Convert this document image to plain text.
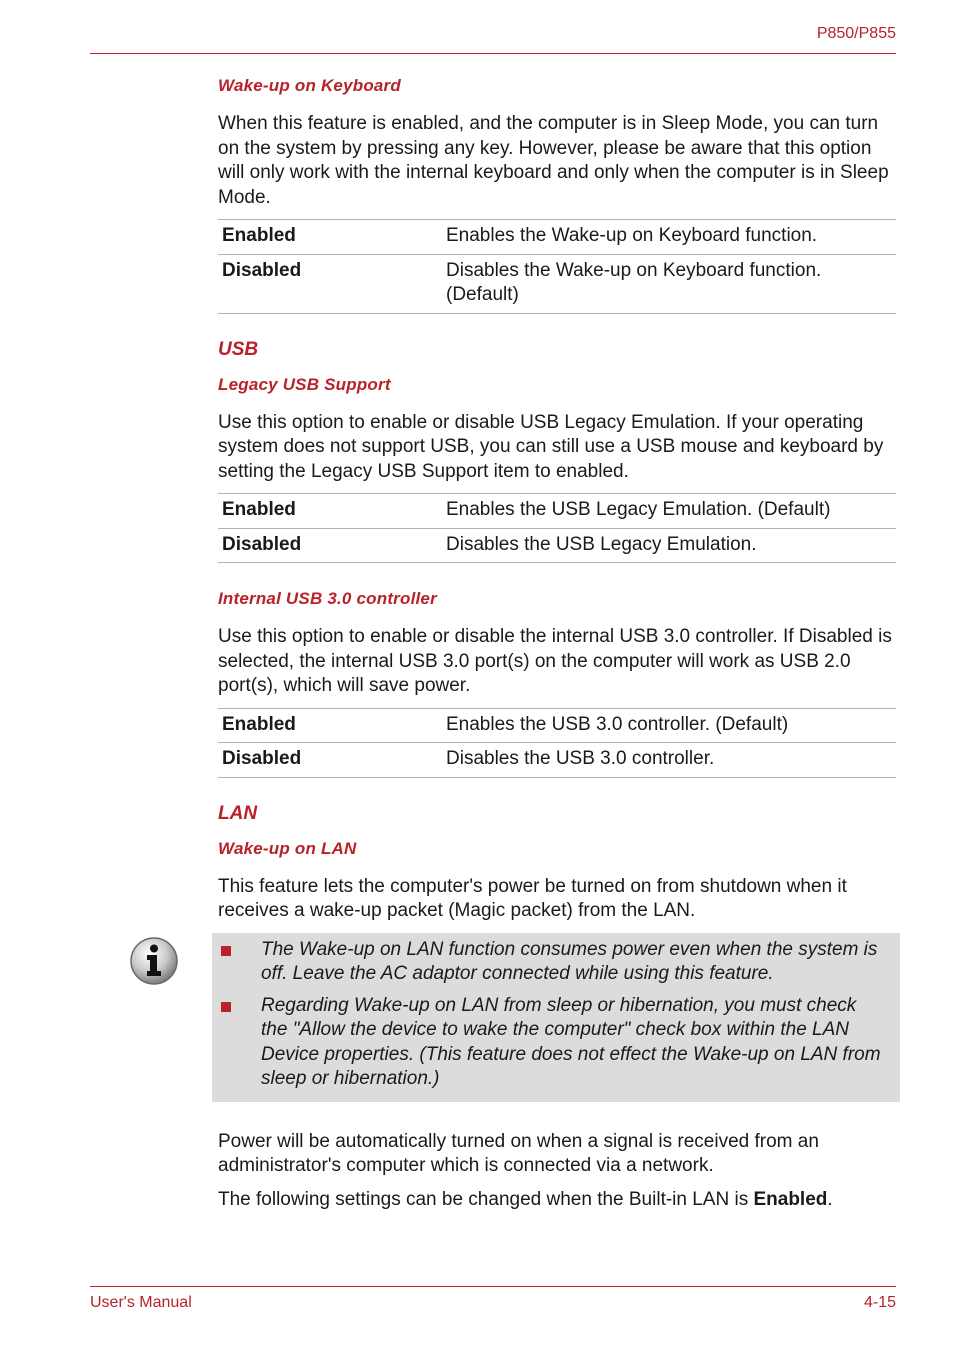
P850/P855
Wake-up on Keyboard

When this feature is enabled, and the computer is in Sleep Mode, you can turn on the system by pressing any key. However, please be aware that this option will only work with the internal keyboard and only when the computer is in Sleep Mode.

Enabled	Enables the Wake-up on Keyboard function.
Disabled	Disables the Wake-up on Keyboard function. (Default)
USB
Legacy USB Support

Use this option to enable or disable USB Legacy Emulation. If your operating system does not support USB, you can still use a USB mouse and keyboard by setting the Legacy USB Support item to enabled.

Enabled	Enables the USB Legacy Emulation. (Default)
Disabled	Disables the USB Legacy Emulation.
Internal USB 3.0 controller

Use this option to enable or disable the internal USB 3.0 controller. If Disabled is selected, the internal USB 3.0 port(s) on the computer will work as USB 2.0 port(s), which will save power.

Enabled	Enables the USB 3.0 controller. (Default)
Disabled	Disables the USB 3.0 controller.
LAN
Wake-up on LAN

This feature lets the computer's power be turned on from shutdown when it receives a wake-up packet (Magic packet) from the LAN.

The Wake-up on LAN function consumes power even when the system is off. Leave the AC adaptor connected while using this feature.
Regarding Wake-up on LAN from sleep or hibernation, you must check the "Allow the device to wake the computer" check box within the LAN Device properties. (This feature does not effect the Wake-up on LAN from sleep or hibernation.)

Power will be automatically turned on when a signal is received from an administrator's computer which is connected via a network.

The following settings can be changed when the Built-in LAN is Enabled.

User's Manual	4-15
